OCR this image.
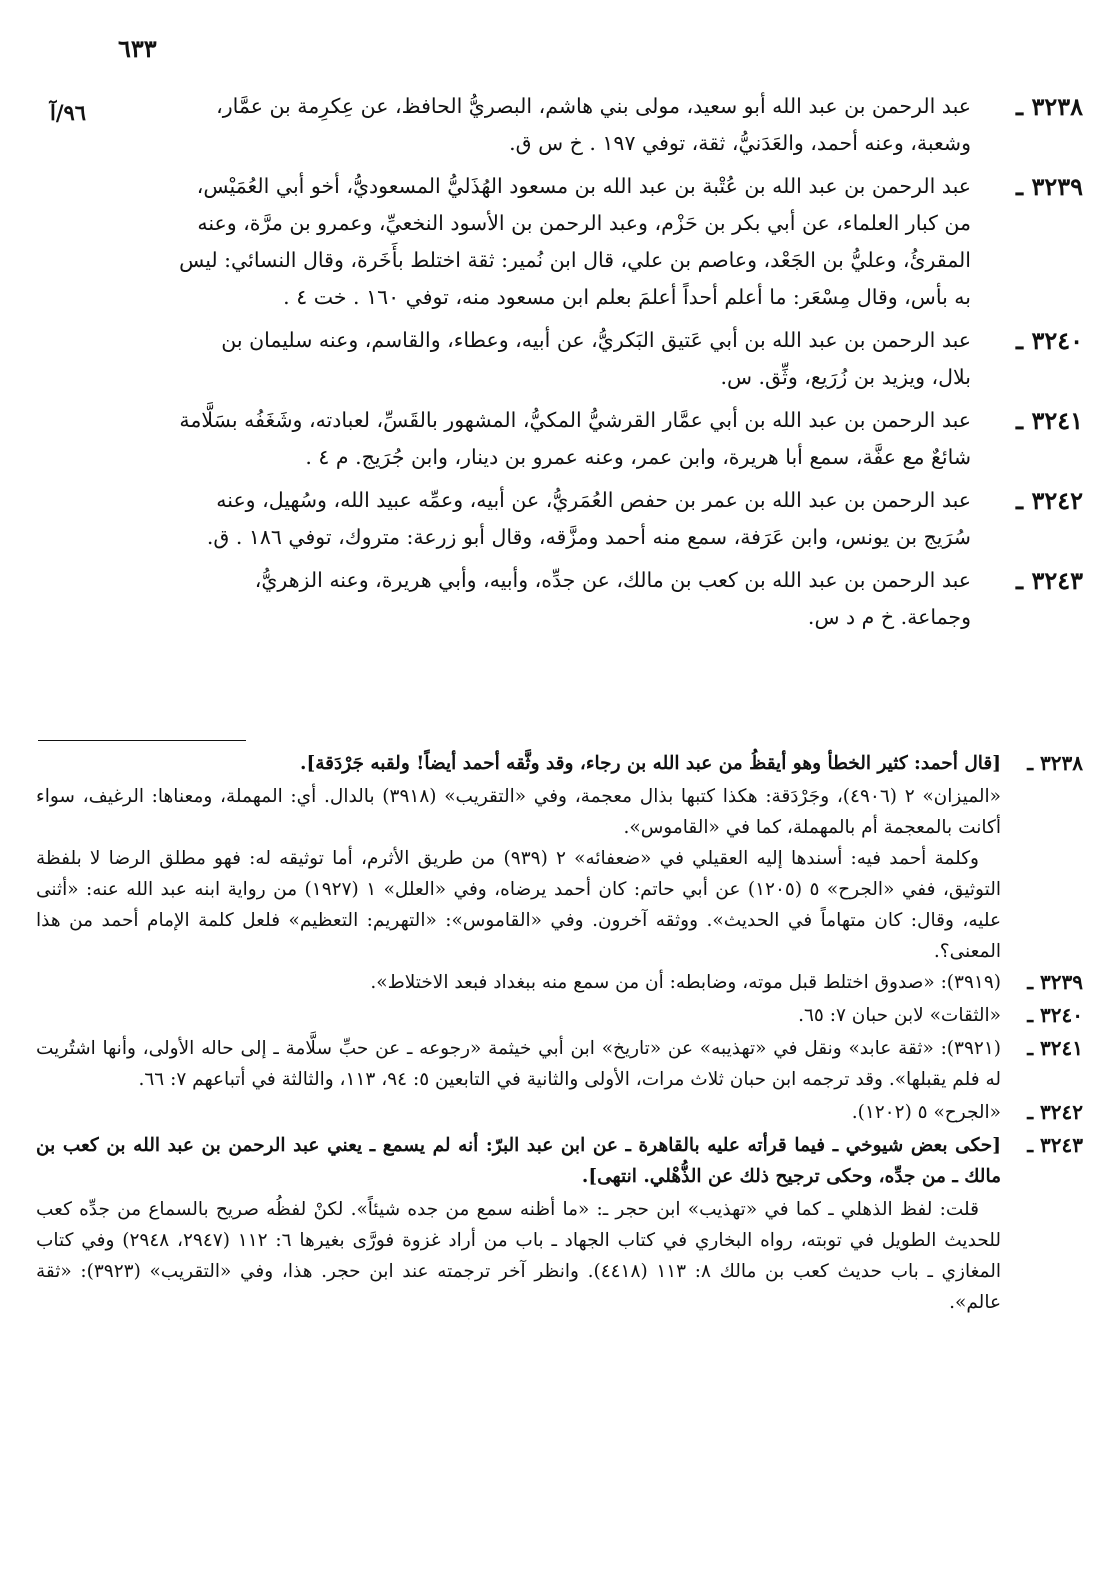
٦٣٣
٩٦/آ	٣٢٣٨ ـ

عبد الرحمن بن عبد الله أبو سعيد، مولى بني هاشم، البصريُّ الحافظ، عن عِكرِمة بن عمَّار،

وشعبة، وعنه أحمد، والعَدَنيُّ، ثقة، توفي ١٩٧ . خ س ق.

٣٢٣٩ ـ

عبد الرحمن بن عبد الله بن عُتْبة بن عبد الله بن مسعود الهُذَليُّ المسعوديُّ، أخو أبي العُمَيْس،

من كبار العلماء، عن أبي بكر بن حَزْم، وعبد الرحمن بن الأسود النخعيِّ، وعمرو بن مرَّة، وعنه

المقرئُ، وعليُّ بن الجَعْد، وعاصم بن علي، قال ابن نُمير: ثقة اختلط بأَخَرة، وقال النسائي: ليس

به بأس، وقال مِسْعَر: ما أعلم أحداً أعلمَ بعلم ابن مسعود منه، توفي ١٦٠ . خت ٤ .

٣٢٤٠ ـ

عبد الرحمن بن عبد الله بن أبي عَتيق البَكريُّ، عن أبيه، وعطاء، والقاسم، وعنه سليمان بن

بلال، ويزيد بن زُرَيع، وثِّق. س.

٣٢٤١ ـ

عبد الرحمن بن عبد الله بن أبي عمَّار القرشيُّ المكيُّ، المشهور بالقَسِّ، لعبادته، وشَغَفُه بسَلَّامة

شائعٌ مع عفَّة، سمع أبا هريرة، وابن عمر، وعنه عمرو بن دينار، وابن جُرَيج. م ٤ .

٣٢٤٢ ـ

عبد الرحمن بن عبد الله بن عمر بن حفص العُمَريُّ، عن أبيه، وعمِّه عبيد الله، وسُهيل، وعنه

سُرَيج بن يونس، وابن عَرَفة، سمع منه أحمد ومزَّقه، وقال أبو زرعة: متروك، توفي ١٨٦ . ق.

٣٢٤٣ ـ

عبد الرحمن بن عبد الله بن كعب بن مالك، عن جدِّه، وأبيه، وأبي هريرة، وعنه الزهريُّ،

وجماعة. خ م د س.

٣٢٣٨ ـ

[قال أحمد: كثير الخطأ وهو أيقظُ من عبد الله بن رجاء، وقد وثَّقه أحمد أيضاً! ولقبه جَرْدَقة].

«الميزان» ٢ (٤٩٠٦)، وجَرْدَقة: هكذا كتبها بذال معجمة، وفي «التقريب» (٣٩١٨) بالدال. أي: المهملة، ومعناها: الرغيف، سواء أكانت بالمعجمة أم بالمهملة، كما في «القاموس».

وكلمة أحمد فيه: أسندها إليه العقيلي في «ضعفائه» ٢ (٩٣٩) من طريق الأثرم، أما توثيقه له: فهو مطلق الرضا لا بلفظة التوثيق، ففي «الجرح» ٥ (١٢٠٥) عن أبي حاتم: كان أحمد يرضاه، وفي «العلل» ١ (١٩٢٧) من رواية ابنه عبد الله عنه: «أثنى عليه، وقال: كان متهاماً في الحديث». ووثقه آخرون. وفي «القاموس»: «التهريم: التعظيم» فلعل كلمة الإمام أحمد من هذا المعنى؟.

٣٢٣٩ ـ

(٣٩١٩): «صدوق اختلط قبل موته، وضابطه: أن من سمع منه ببغداد فبعد الاختلاط».

٣٢٤٠ ـ

«الثقات» لابن حبان ٧: ٦٥.

٣٢٤١ ـ

(٣٩٢١): «ثقة عابد» ونقل في «تهذيبه» عن «تاريخ» ابن أبي خيثمة «رجوعه ـ عن حبِّ سلَّامة ـ إلى حاله الأولى، وأنها اشتُريت له فلم يقبلها». وقد ترجمه ابن حبان ثلاث مرات، الأولى والثانية في التابعين ٥: ٩٤، ١١٣، والثالثة في أتباعهم ٧: ٦٦.

٣٢٤٢ ـ

«الجرح» ٥ (١٢٠٢).

٣٢٤٣ ـ

[حكى بعض شيوخي ـ فيما قرأته عليه بالقاهرة ـ عن ابن عبد البرّ: أنه لم يسمع ـ يعني عبد الرحمن بن عبد الله بن كعب بن مالك ـ من جدِّه، وحكى ترجيح ذلك عن الذُّهْلي. انتهى].

قلت: لفظ الذهلي ـ كما في «تهذيب» ابن حجر ـ: «ما أظنه سمع من جده شيئاً». لكنْ لفظُه صريح بالسماع من جدِّه كعب للحديث الطويل في توبته، رواه البخاري في كتاب الجهاد ـ باب من أراد غزوة فورَّى بغيرها ٦: ١١٢ (٢٩٤٧، ٢٩٤٨) وفي كتاب المغازي ـ باب حديث كعب بن مالك ٨: ١١٣ (٤٤١٨). وانظر آخر ترجمته عند ابن حجر. هذا، وفي «التقريب» (٣٩٢٣): «ثقة عالم».
